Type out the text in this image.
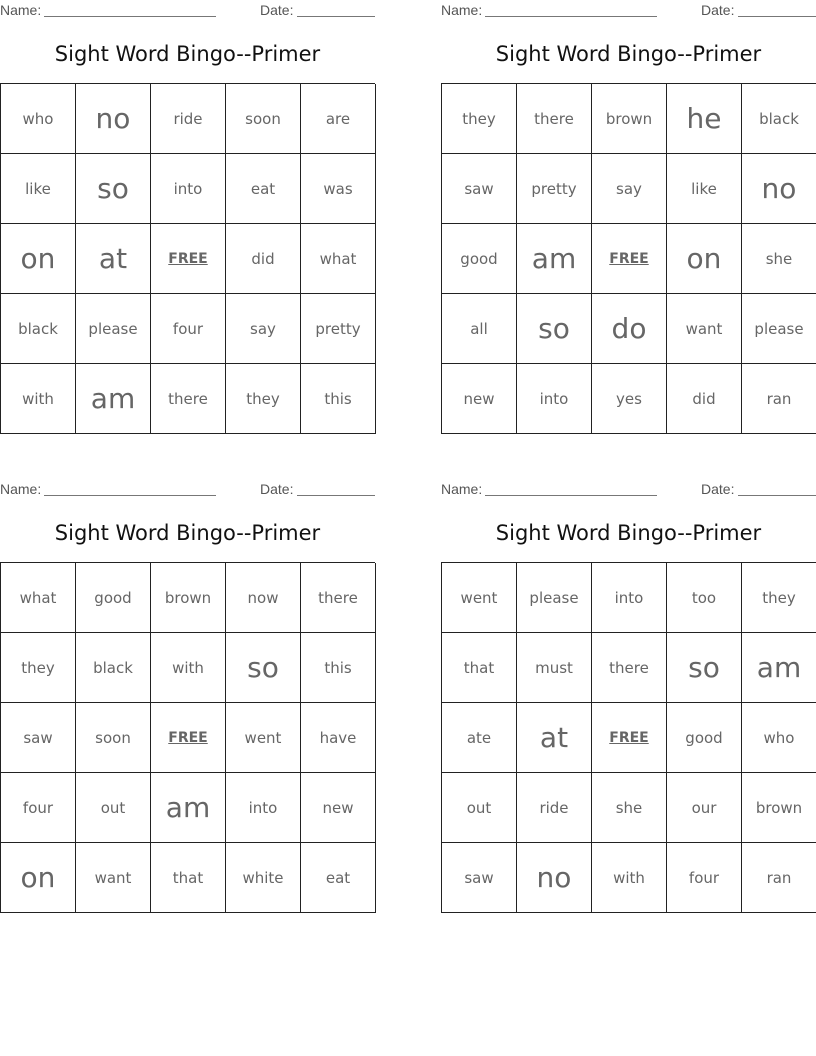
Name:	Date:
Sight Word Bingo--Primer
who	no	ride	soon	are
like	so	into	eat	was
on	at	FREE	did	what
black	please	four	say	pretty
with	am	there	they	this
Name:	Date:
Sight Word Bingo--Primer
they	there	brown	he	black
saw	pretty	say	like	no
good	am	FREE	on	she
all	so	do	want	please
new	into	yes	did	ran
Name:	Date:
Sight Word Bingo--Primer
what	good	brown	now	there
they	black	with	so	this
saw	soon	FREE	went	have
four	out	am	into	new
on	want	that	white	eat
Name:	Date:
Sight Word Bingo--Primer
went	please	into	too	they
that	must	there	so	am
ate	at	FREE	good	who
out	ride	she	our	brown
saw	no	with	four	ran
